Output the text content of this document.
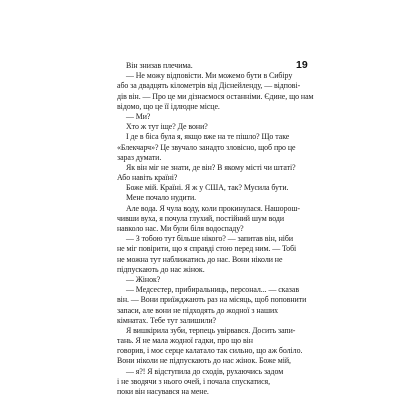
19
Він знизав плечима.
— Не можу відповісти. Ми можемо бути в Сибіру
або за двадцять кілометрів від Діснейленду, — відпові-
дів він. — Про це ми дізнаємося останніми. Єдине, що нам
відомо, що це її ідлюдне місце.
— Ми?
Хто ж тут іще? Де вони?
І де в біса була я, якщо вже на те пішло? Що таке
«Блекчарч»? Це звучало занадто зловісно, щоб про це
зараз думати.
Як він міг не знати, де він? В якому місті чи штаті?
Або навіть країні?
Боже мій. Країні. Я ж у США, так? Мусила бути.
Мене почало нудити.
Але вода. Я чула воду, коли прокинулася. Нашорош-
чивши вуха, я почула глухий, постійний шум води
навколо нас. Ми були біля водоспаду?
— З тобою тут більше нікого? — запитав він, ніби
не міг повірити, що я справді стою перед ним. — Тобі
не можна тут наближатись до нас. Вони ніколи не
підпускають до нас жінок.
— Жінок?
— Медсестер, прибиральниць, персонал... — сказав
він. — Вони приїжджають раз на місяць, щоб поповнити
запаси, але вони не підходять до жодної з наших
кімнатах. Тебе тут залишили?
Я вишкірила зуби, терпець увірвався. Досить запи-
тань. Я не мала жодної гадки, про що він
говорив, і моє серце калатало так сильно, що аж боліло.
Вони ніколи не підпускають до нас жінок. Боже мій,
— я?! Я відступила до сходів, рухаючись задом
і не зводячи з нього очей, і почала спускатися,
поки він насувався на мене.
